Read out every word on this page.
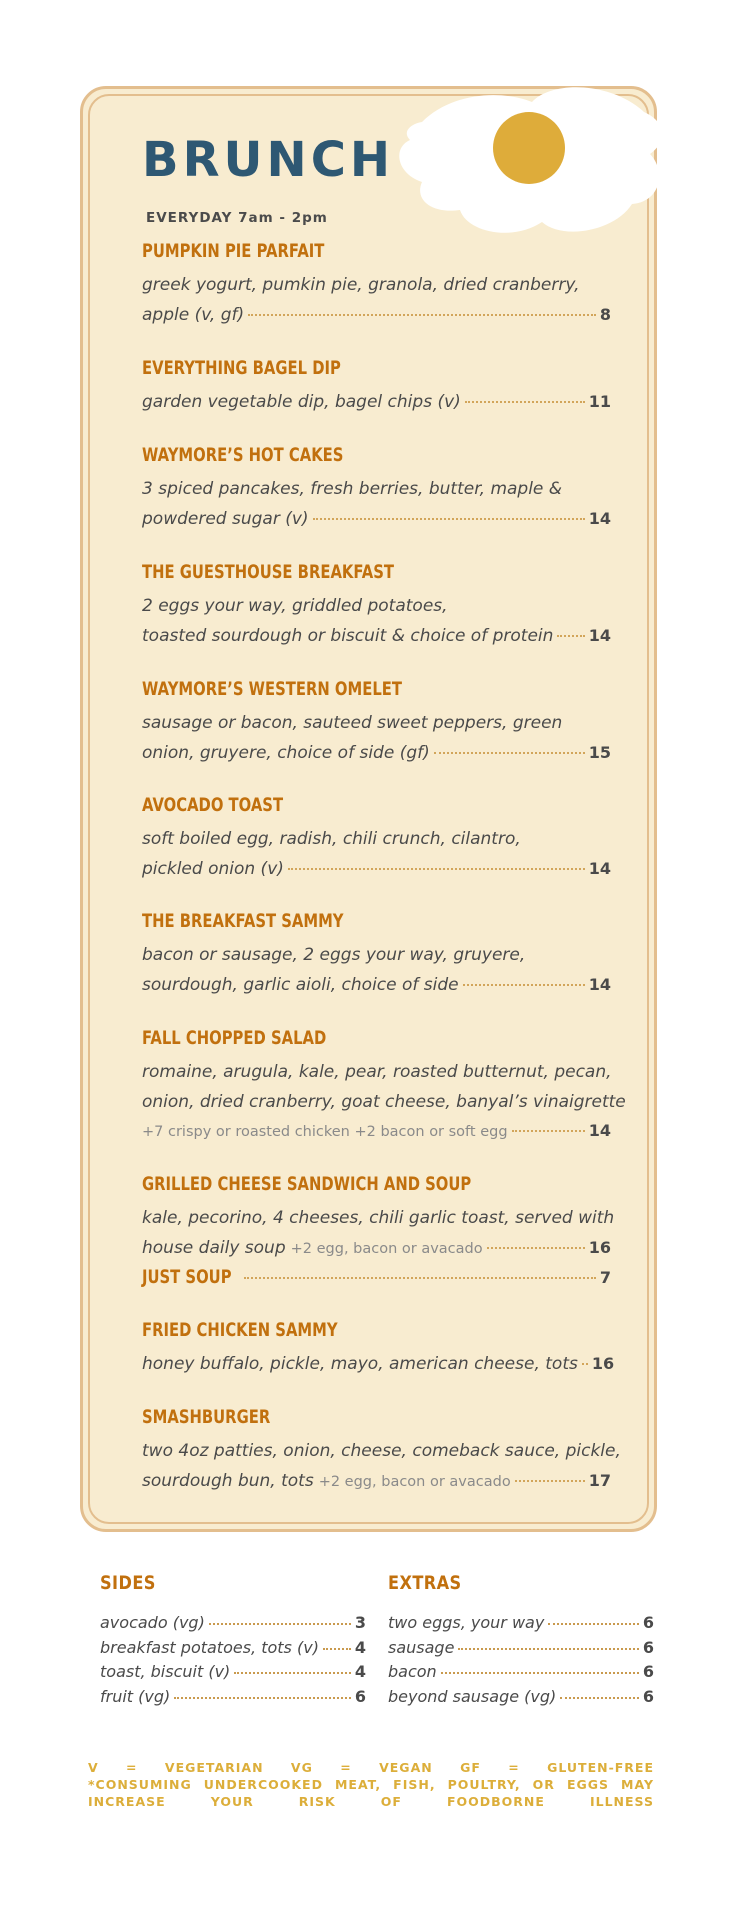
BRUNCH
EVERYDAY 7am - 2pm
PUMPKIN PIE PARFAIT
greek yogurt, pumkin pie, granola, dried cranberry,
apple (v, gf)	8
EVERYTHING BAGEL DIP
garden vegetable dip, bagel chips (v)	11
WAYMORE’S HOT CAKES
3 spiced pancakes, fresh berries, butter, maple &
powdered sugar (v)	14
THE GUESTHOUSE BREAKFAST
2 eggs your way, griddled potatoes,
toasted sourdough or biscuit & choice of protein 14
WAYMORE’S WESTERN OMELET
sausage or bacon, sauteed sweet peppers, green
onion, gruyere, choice of side (gf)	15
AVOCADO TOAST
soft boiled egg, radish, chili crunch, cilantro,
pickled onion (v)	14
THE BREAKFAST SAMMY
bacon or sausage, 2 eggs your way, gruyere,
sourdough, garlic aioli, choice of side	14
FALL CHOPPED SALAD
romaine, arugula, kale, pear, roasted butternut, pecan,
onion, dried cranberry, goat cheese, banyal’s vinaigrette
+7 crispy or roasted chicken +2 bacon or soft egg	14
GRILLED CHEESE SANDWICH AND SOUP
kale, pecorino, 4 cheeses, chili garlic toast, served with
house daily soup +2 egg, bacon or avacado	16
JUST SOUP	7
FRIED CHICKEN SAMMY
honey buffalo, pickle, mayo, american cheese, tots 16
SMASHBURGER
two 4oz patties, onion, cheese, comeback sauce, pickle,
sourdough bun, tots +2 egg, bacon or avacado	17
SIDES	EXTRAS
avocado (vg)	3
breakfast potatoes, tots (v) 4
toast, biscuit (v)	4
fruit (vg)	6
two eggs, your way	6
sausage	6
bacon	6
beyond sausage (vg)	6
V = VEGETARIAN VG = VEGAN GF = GLUTEN-FREE
*CONSUMING UNDERCOOKED MEAT, FISH, POULTRY, OR EGGS MAY
INCREASE YOUR RISK OF FOODBORNE ILLNESS
